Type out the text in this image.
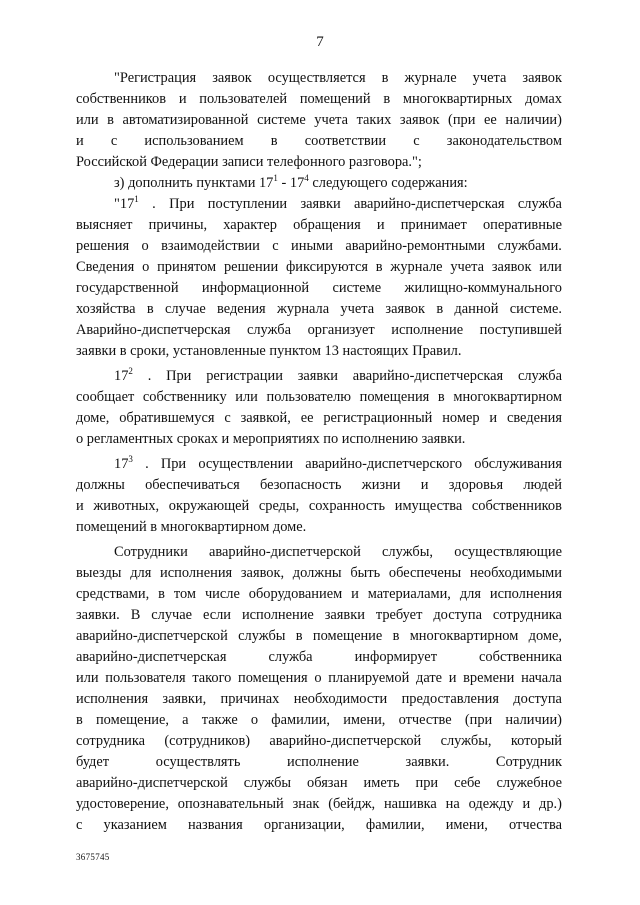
7
"Регистрация заявок осуществляется в журнале учета заявок
собственников и пользователей помещений в многоквартирных домах
или в автоматизированной системе учета таких заявок (при ее наличии)
и с использованием в соответствии с законодательством
Российской Федерации записи телефонного разговора.";
з) дополнить пунктами $17^1 - 17^4$ следующего содержания:
"$17^1$ . При поступлении заявки аварийно-диспетчерская служба
выясняет причины, характер обращения и принимает оперативные
решения о взаимодействии с иными аварийно-ремонтными службами.
Сведения о принятом решении фиксируются в журнале учета заявок или
государственной информационной системе жилищно-коммунального
хозяйства в случае ведения журнала учета заявок в данной системе.
Аварийно-диспетчерская служба организует исполнение поступившей
заявки в сроки, установленные пунктом 13 настоящих Правил.
$17^2$ . При регистрации заявки аварийно-диспетчерская служба
сообщает собственнику или пользователю помещения в многоквартирном
доме, обратившемуся с заявкой, ее регистрационный номер и сведения
о регламентных сроках и мероприятиях по исполнению заявки.
$17^3$ . При осуществлении аварийно-диспетчерского обслуживания
должны обеспечиваться безопасность жизни и здоровья людей
и животных, окружающей среды, сохранность имущества собственников
помещений в многоквартирном доме.
Сотрудники аварийно-диспетчерской службы, осуществляющие
выезды для исполнения заявок, должны быть обеспечены необходимыми
средствами, в том числе оборудованием и материалами, для исполнения
заявки. В случае если исполнение заявки требует доступа сотрудника
аварийно-диспетчерской службы в помещение в многоквартирном доме,
аварийно-диспетчерская	служба	информирует	собственника
или пользователя такого помещения о планируемой дате и времени начала
исполнения заявки, причинах необходимости предоставления доступа
в помещение, а также о фамилии, имени, отчестве (при наличии)
сотрудника (сотрудников) аварийно-диспетчерской службы, который
будет	осуществлять	исполнение	заявки.	Сотрудник
аварийно-диспетчерской службы обязан иметь при себе служебное
удостоверение, опознавательный знак (бейдж, нашивка на одежду и др.)
с указанием названия организации, фамилии, имени, отчества
3675745
